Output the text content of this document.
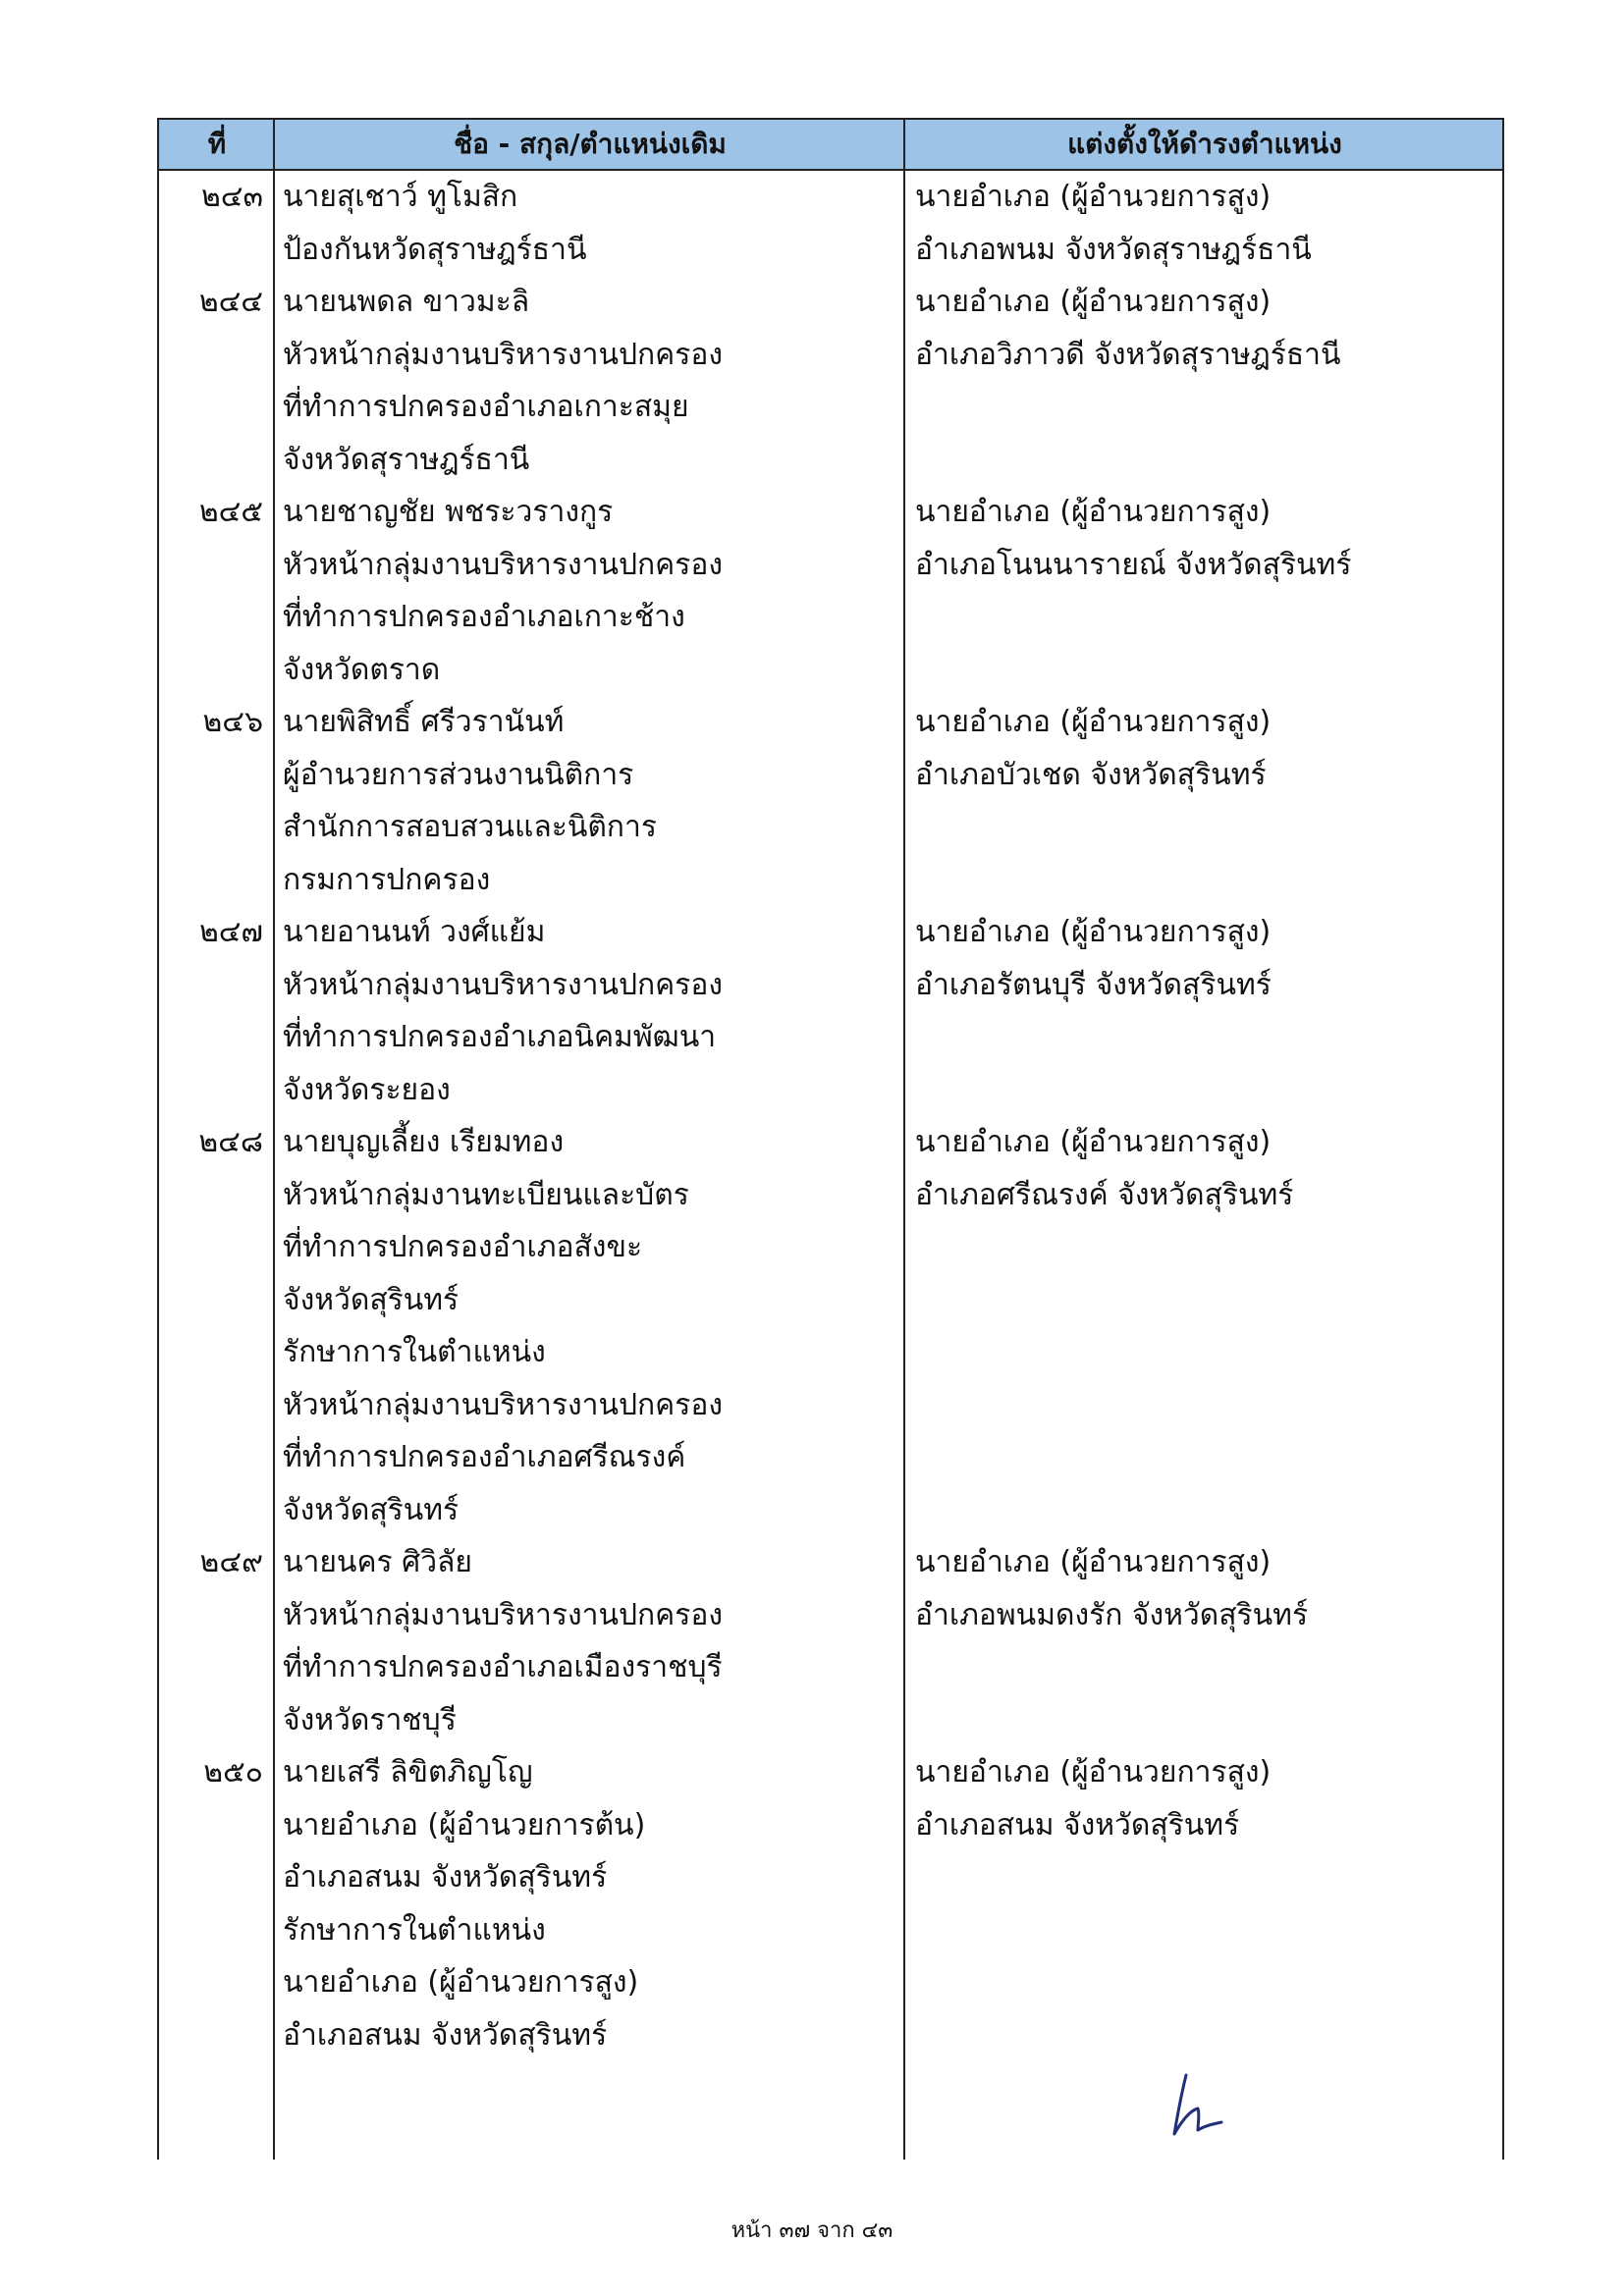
ที่	ชื่อ - สกุล/ตำแหน่งเดิม	แต่งตั้งให้ดำรงตำแหน่ง
๒๔๓ นายสุเชาว์ ทูโมสิก
ป้องกันหวัดสุราษฎร์ธานี
นายอำเภอ (ผู้อำนวยการสูง)
อำเภอพนม จังหวัดสุราษฎร์ธานี
๒๔๔ นายนพดล ขาวมะลิ
หัวหน้ากลุ่มงานบริหารงานปกครอง
ที่ทำการปกครองอำเภอเกาะสมุย
จังหวัดสุราษฎร์ธานี
นายอำเภอ (ผู้อำนวยการสูง)
อำเภอวิภาวดี จังหวัดสุราษฎร์ธานี
๒๔๕ นายชาญชัย พชระวรางกูร
หัวหน้ากลุ่มงานบริหารงานปกครอง
ที่ทำการปกครองอำเภอเกาะช้าง
จังหวัดตราด
นายอำเภอ (ผู้อำนวยการสูง)
อำเภอโนนนารายณ์ จังหวัดสุรินทร์
๒๔๖ นายพิสิทธิ์ ศรีวรานันท์
ผู้อำนวยการส่วนงานนิติการ
สำนักการสอบสวนและนิติการ
กรมการปกครอง
นายอำเภอ (ผู้อำนวยการสูง)
อำเภอบัวเชด จังหวัดสุรินทร์
๒๔๗ นายอานนท์ วงศ์แย้ม
หัวหน้ากลุ่มงานบริหารงานปกครอง
ที่ทำการปกครองอำเภอนิคมพัฒนา
จังหวัดระยอง
นายอำเภอ (ผู้อำนวยการสูง)
อำเภอรัตนบุรี จังหวัดสุรินทร์
๒๔๘ นายบุญเลี้ยง เรียมทอง
หัวหน้ากลุ่มงานทะเบียนและบัตร
ที่ทำการปกครองอำเภอสังขะ
จังหวัดสุรินทร์
รักษาการในตำแหน่ง
หัวหน้ากลุ่มงานบริหารงานปกครอง
ที่ทำการปกครองอำเภอศรีณรงค์
จังหวัดสุรินทร์
นายอำเภอ (ผู้อำนวยการสูง)
อำเภอศรีณรงค์ จังหวัดสุรินทร์
๒๔๙ นายนคร ศิวิลัย
หัวหน้ากลุ่มงานบริหารงานปกครอง
ที่ทำการปกครองอำเภอเมืองราชบุรี
จังหวัดราชบุรี
นายอำเภอ (ผู้อำนวยการสูง)
อำเภอพนมดงรัก จังหวัดสุรินทร์
๒๕๐ นายเสรี ลิขิตภิญโญ
นายอำเภอ (ผู้อำนวยการต้น)
อำเภอสนม จังหวัดสุรินทร์
รักษาการในตำแหน่ง
นายอำเภอ (ผู้อำนวยการสูง)
อำเภอสนม จังหวัดสุรินทร์
นายอำเภอ (ผู้อำนวยการสูง)
อำเภอสนม จังหวัดสุรินทร์
หน้า ๓๗ จาก ๔๓
